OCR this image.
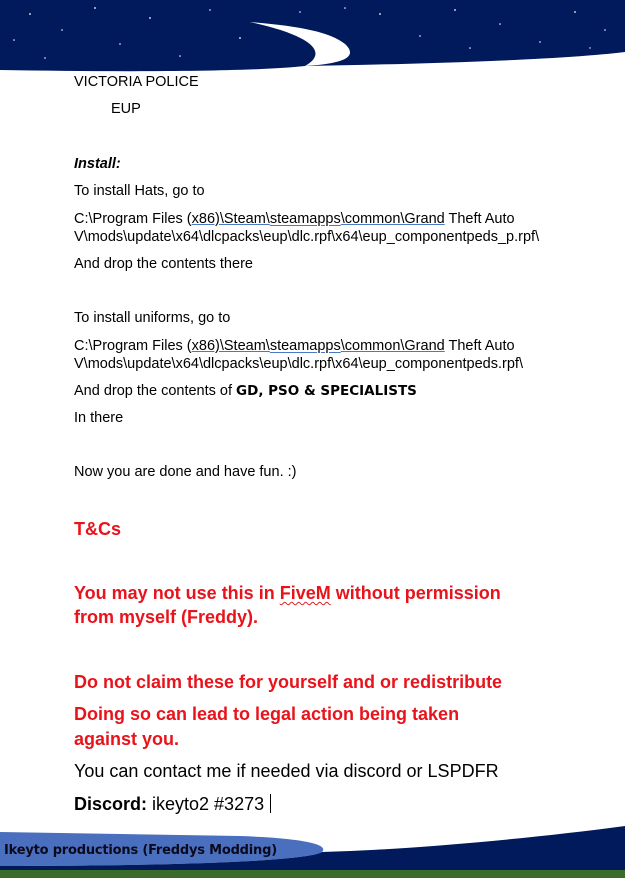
VICTORIA POLICE
EUP
Install:
To install Hats, go to
C:\Program Files (x86)\Steam\steamapps\common\Grand Theft Auto
V\mods\update\x64\dlcpacks\eup\dlc.rpf\x64\eup_componentpeds_p.rpf\
And drop the contents there
To install uniforms, go to
C:\Program Files (x86)\Steam\steamapps\common\Grand Theft Auto
V\mods\update\x64\dlcpacks\eup\dlc.rpf\x64\eup_componentpeds.rpf\
And drop the contents of GD, PSO & SPECIALISTS
In there
Now you are done and have fun. :)
T&Cs
You may not use this in FiveM without permission
from myself (Freddy).
Do not claim these for yourself and or redistribute
Doing so can lead to legal action being taken
against you.
You can contact me if needed via discord or LSPDFR
Discord: ikeyto2 #3273
Ikeyto productions (Freddys Modding)
